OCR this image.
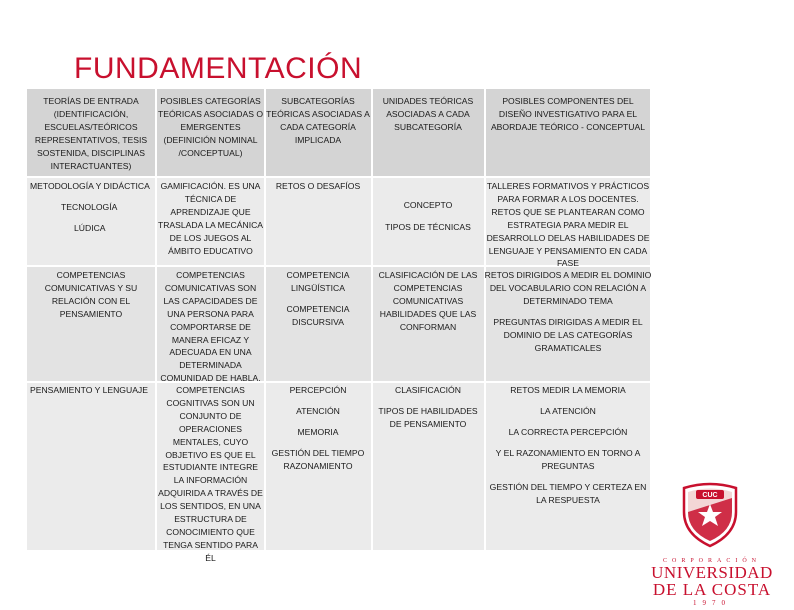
FUNDAMENTACIÓN
TEORÍAS DE ENTRADA (IDENTIFICACIÓN, ESCUELAS/TEÓRICOS REPRESENTATIVOS, TESIS SOSTENIDA, DISCIPLINAS INTERACTUANTES)
POSIBLES CATEGORÍAS TEÓRICAS ASOCIADAS O EMERGENTES (DEFINICIÓN NOMINAL /CONCEPTUAL)
SUBCATEGORÍAS TEÓRICAS ASOCIADAS A CADA CATEGORÍA IMPLICADA
UNIDADES TEÓRICAS ASOCIADAS A CADA SUBCATEGORÍA
POSIBLES COMPONENTES DEL DISEÑO INVESTIGATIVO PARA EL ABORDAJE TEÓRICO - CONCEPTUAL
METODOLOGÍA Y DIDÁCTICA
TECNOLOGÍA
LÚDICA
GAMIFICACIÓN. ES UNA TÉCNICA DE APRENDIZAJE QUE TRASLADA LA MECÁNICA DE LOS JUEGOS AL ÁMBITO EDUCATIVO
RETOS O DESAFÍOS
CONCEPTO
TIPOS DE TÉCNICAS
TALLERES FORMATIVOS Y PRÁCTICOS PARA FORMAR A LOS DOCENTES. RETOS QUE SE PLANTEARAN COMO ESTRATEGIA PARA MEDIR EL DESARROLLO DELAS HABILIDADES DE LENGUAJE Y PENSAMIENTO EN CADA FASE
COMPETENCIAS COMUNICATIVAS Y SU RELACIÓN CON EL PENSAMIENTO
COMPETENCIAS COMUNICATIVAS SON LAS CAPACIDADES DE UNA PERSONA PARA COMPORTARSE DE MANERA EFICAZ Y ADECUADA EN UNA DETERMINADA COMUNIDAD DE HABLA.
COMPETENCIA LINGÜÍSTICA
COMPETENCIA DISCURSIVA
CLASIFICACIÓN DE LAS COMPETENCIAS COMUNICATIVAS HABILIDADES QUE LAS CONFORMAN
RETOS DIRIGIDOS A MEDIR EL DOMINIO DEL VOCABULARIO CON RELACIÓN A DETERMINADO TEMA
PREGUNTAS DIRIGIDAS A MEDIR EL DOMINIO DE LAS CATEGORÍAS GRAMATICALES
PENSAMIENTO Y LENGUAJE	COMPETENCIAS COGNITIVAS SON UN CONJUNTO DE OPERACIONES MENTALES, CUYO OBJETIVO ES QUE EL ESTUDIANTE INTEGRE LA INFORMACIÓN ADQUIRIDA A TRAVÉS DE LOS SENTIDOS, EN UNA ESTRUCTURA DE CONOCIMIENTO QUE TENGA SENTIDO PARA ÉL
PERCEPCIÓN
ATENCIÓN
MEMORIA
GESTIÓN DEL TIEMPO RAZONAMIENTO
CLASIFICACIÓN
TIPOS DE HABILIDADES DE PENSAMIENTO
RETOS MEDIR LA MEMORIA
LA ATENCIÓN
LA CORRECTA PERCEPCIÓN
Y EL RAZONAMIENTO EN TORNO A PREGUNTAS
GESTIÓN DEL TIEMPO Y CERTEZA EN LA RESPUESTA	CUC
CORPORACIÓN
UNIVERSIDAD
DE LA COSTA
1970
